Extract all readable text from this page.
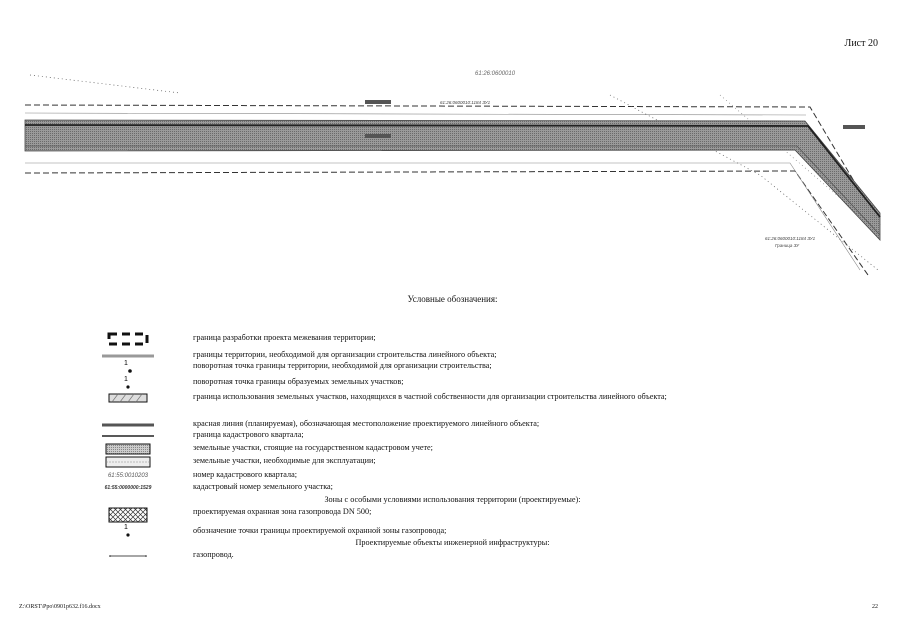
Лист 20
61:26:0600010
61:26:0600010:1184 ЗУ1
61:26:0600010:1184 ЗУ1
Граница ЗУ
Условные обозначения:
граница разработки проекта межевания территории;
границы территории, необходимой для организации строительства линейного объекта;
1	поворотная точка границы территории, необходимой для организации строительства;
1	поворотная точка границы образуемых земельных участков;
граница использования земельных участков, находящихся в частной собственности для организации строительства линейного объекта;
красная линия (планируемая), обозначающая местоположение проектируемого линейного объекта;
граница кадастрового квартала;
земельные участки, стоящие на государственном кадастровом учете;
земельные участки, необходимые для эксплуатации;
61:55:0010203	номер кадастрового квартала;
61:55:0000000:1529	кадастровый номер земельного участка;
Зоны с особыми условиями использования территории (проектируемые):
проектируемая охранная зона газопровода DN 500;
1	обозначение точки границы проектируемой охранной зоны газопровода;
Проектируемые объекты инженерной инфраструктуры:
газопровод.
Z:\ORST\Ppo\0901p632.f16.docx	22
